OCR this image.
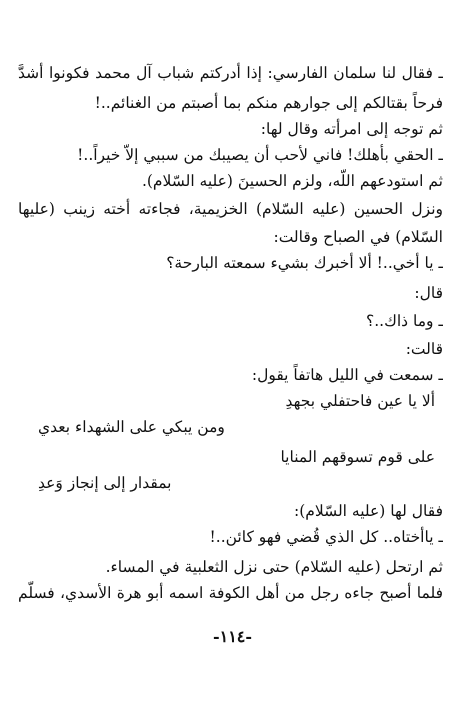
ـ فقال لنا سلمان الفارسي: إذا أدركتم شباب آل محمد فكونوا أشدَّ
فرحاً بقتالكم إلى جوارهم منكم بما أصبتم من الغنائم..!
ثم توجه إلى امرأته وقال لها:
ـ الحقي بأهلك! فاني لأحب أن يصيبك من سببي إلاّ خيراً..!
ثم استودعهم اللّه، ولزم الحسينَ (عليه السّلام).
ونزل الحسين (عليه السّلام) الخزيمية، فجاءته أخته زينب (عليها
السّلام) في الصباح وقالت:
ـ يا أخي..! ألا أخبرك بشيء سمعته البارحة؟
قال:
ـ وما ذاك..؟
قالت:
ـ سمعت في الليل هاتفاً يقول:
ألا يا عين فاحتفلي بجهدِ
ومن يبكي على الشهداء بعدي
على قوم تسوقهم المنايا
بمقدار إلى إنجاز وَعدِ
فقال لها (عليه السّلام):
ـ ياأختاه.. كل الذي قُضي فهو كائن..!
ثم ارتحل (عليه السّلام) حتى نزل الثعلبية في المساء.
فلما أصبح جاءه رجل من أهل الكوفة اسمه أبو هرة الأسدي، فسلّم
-١١٤-
